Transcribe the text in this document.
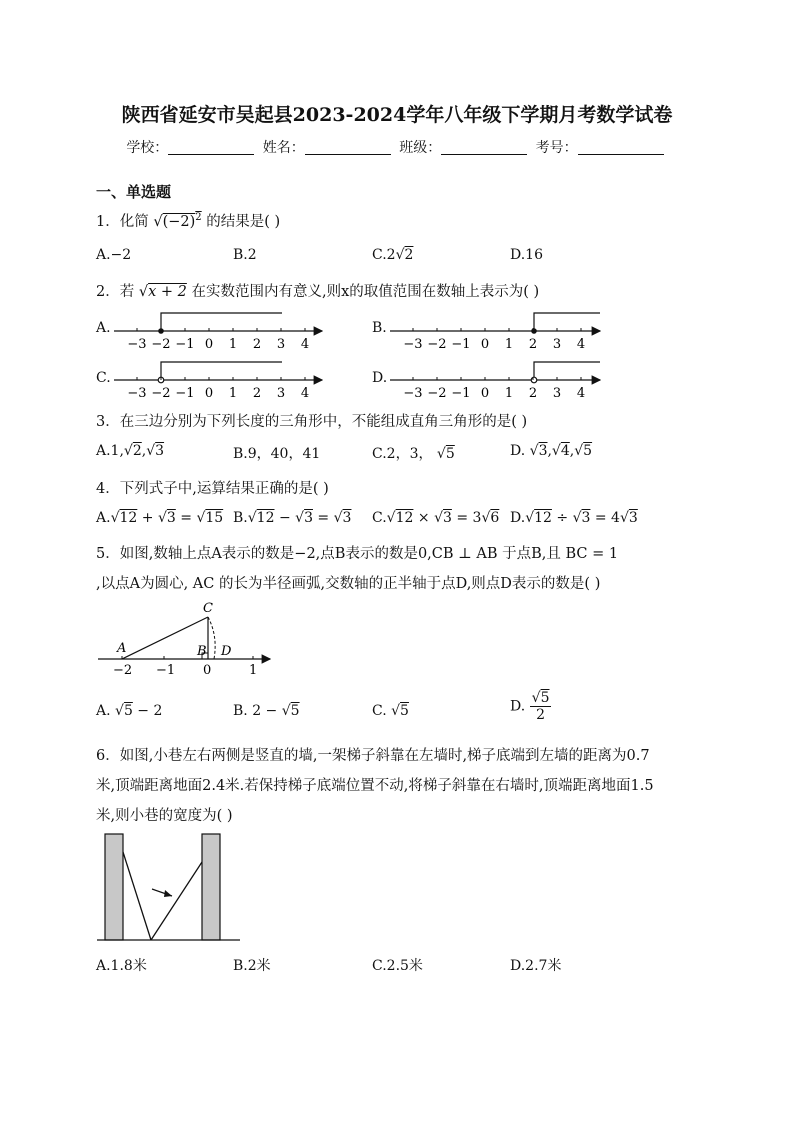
陕西省延安市吴起县2023-2024学年八年级下学期月考数学试卷
学校：	姓名：	班级：	考号：
一、单选题
1．化简 $√(-2)^2$ 的结果是( )
A.−2	B.2	C.2√2	D.16
2．若 √x + 2 在实数范围内有意义,则x的取值范围在数轴上表示为( )
A.	B.
C.	D.
−3 −2 −1 0 1 2 3 4	−3 −2 −1 0 1 2 3 4
−3 −2 −1 0 1 2 3 4	−3 −2 −1 0 1 2 3 4
3．在三边分别为下列长度的三角形中，不能组成直角三角形的是( )
A.1,√2,√3	B.9，40，41	C.2，3， √5	D. √3,√4,√5
4．下列式子中,运算结果正确的是( )
A.√12 + √3 = √15 B.√12 − √3 = √3 C.√12 × √3 = 3√6 D.√12 ÷ √3 = 4√3
5．如图,数轴上点A表示的数是−2,点B表示的数是0,CB ⊥ AB 于点B,且 BC = 1
,以点A为圆心, AC 的长为半径画弧,交数轴的正半轴于点D,则点D表示的数是( )
A	B
C
D
−2 −1 0	1
A. √5 − 2	B. 2 − √5	C. √5	D. $\frac{√5}{2}$
6．如图,小巷左右两侧是竖直的墙,一架梯子斜靠在左墙时,梯子底端到左墙的距离为0.7
米,顶端距离地面2.4米.若保持梯子底端位置不动,将梯子斜靠在右墙时,顶端距离地面1.5
米,则小巷的宽度为( )
A.1.8米	B.2米	C.2.5米	D.2.7米
